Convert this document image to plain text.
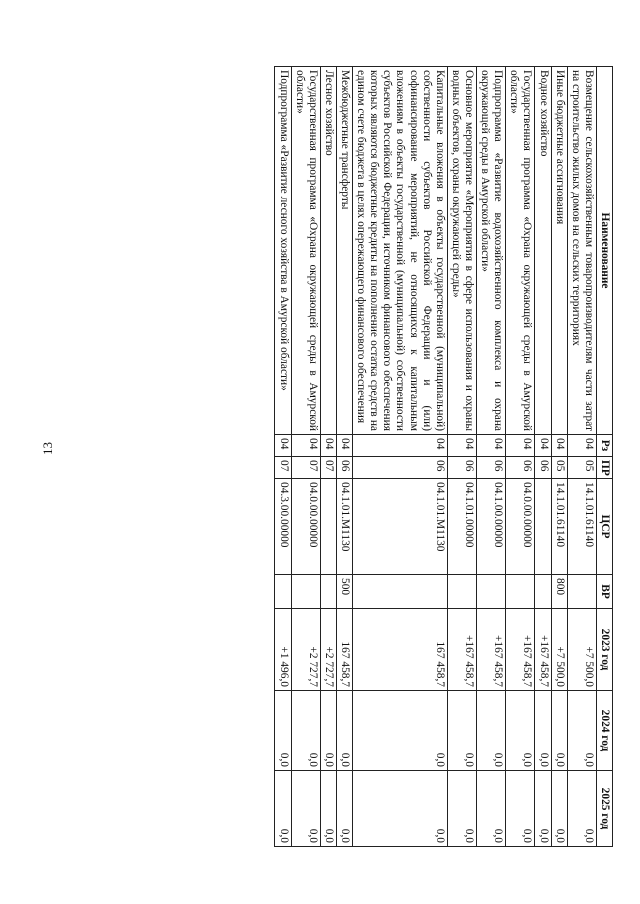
13
Наименование	Рз	ПР	ЦСР	ВР	2023 год	2024 год	2025 год
Возмещение сельскохозяйственным товаропроизводителям части затрат на строительство жилых домов на сельских территориях	04	05	14.1.01.61140		+7 500,0	0,0	0,0
Иные бюджетные ассигнования	04	05	14.1.01.61140	800	+7 500,0	0,0	0,0
Водное хозяйство	04	06			+167 458,7	0,0	0,0
Государственная программа «Охрана окружающей среды в Амурской области»	04	06	04.0.00.00000		+167 458,7	0,0	0,0
Подпрограмма «Развитие водохозяйственного комплекса и охрана окружающей среды в Амурской области»	04	06	04.1.00.00000		+167 458,7	0,0	0,0
Основное мероприятие «Мероприятия в сфере использования и охраны водных объектов, охраны окружающей среды»	04	06	04.1.01.00000		+167 458,7	0,0	0,0
Капитальные вложения в объекты государственной (муниципальной) собственности субъектов Российской Федерации и (или) софинансирование мероприятий, не относящихся к капитальным вложениям в объекты государственной (муниципальной) собственности субъектов Российской Федерации, источником финансового обеспечения которых являются бюджетные кредиты на пополнение остатка средств на едином счете бюджета в целях опережающего финансового обеспечения	04	06	04.1.01.М1130		167 458,7	0,0	0,0
Межбюджетные трансферты	04	06	04.1.01.М1130	500	167 458,7	0,0	0,0
Лесное хозяйство	04	07			+2 727,7	0,0	0,0
Государственная программа «Охрана окружающей среды в Амурской области»	04	07	04.0.00.00000		+2 727,7	0,0	0,0
Подпрограмма «Развитие лесного хозяйства в Амурской области»	04	07	04.3.00.00000		+1 496,0	0,0	0,0
